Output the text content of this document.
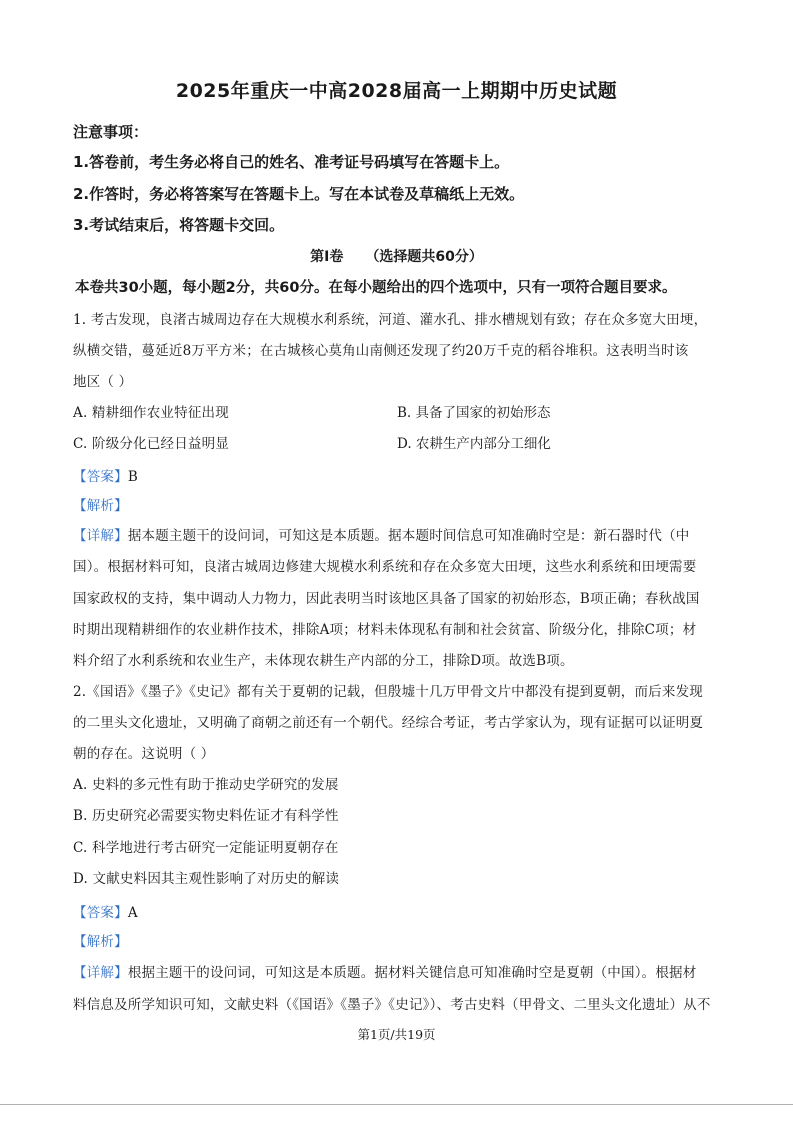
2025年重庆一中高2028届高一上期期中历史试题
注意事项：
1.答卷前，考生务必将自己的姓名、准考证号码填写在答题卡上。
2.作答时，务必将答案写在答题卡上。写在本试卷及草稿纸上无效。
3.考试结束后，将答题卡交回。
第Ⅰ卷 （选择题共60分）
本卷共30小题，每小题2分，共60分。在每小题给出的四个选项中，只有一项符合题目要求。
1. 考古发现，良渚古城周边存在大规模水利系统，河道、灌水孔、排水槽规划有致；存在众多宽大田埂，
纵横交错，蔓延近8万平方米；在古城核心莫角山南侧还发现了约20万千克的稻谷堆积。这表明当时该
地区（ ）
A. 精耕细作农业特征出现	B. 具备了国家的初始形态
C. 阶级分化已经日益明显	D. 农耕生产内部分工细化
【答案】B
【解析】
【详解】据本题主题干的设问词，可知这是本质题。据本题时间信息可知准确时空是：新石器时代（中
国）。根据材料可知，良渚古城周边修建大规模水利系统和存在众多宽大田埂，这些水利系统和田埂需要
国家政权的支持，集中调动人力物力，因此表明当时该地区具备了国家的初始形态，B项正确；春秋战国
时期出现精耕细作的农业耕作技术，排除A项；材料未体现私有制和社会贫富、阶级分化，排除C项；材
料介绍了水利系统和农业生产，未体现农耕生产内部的分工，排除D项。故选B项。
2.《国语》《墨子》《史记》都有关于夏朝的记载，但殷墟十几万甲骨文片中都没有提到夏朝，而后来发现
的二里头文化遗址，又明确了商朝之前还有一个朝代。经综合考证，考古学家认为，现有证据可以证明夏
朝的存在。这说明（ ）
A. 史料的多元性有助于推动史学研究的发展
B. 历史研究必需要实物史料佐证才有科学性
C. 科学地进行考古研究一定能证明夏朝存在
D. 文献史料因其主观性影响了对历史的解读
【答案】A
【解析】
【详解】根据主题干的设问词，可知这是本质题。据材料关键信息可知准确时空是夏朝（中国）。根据材
料信息及所学知识可知，文献史料（《国语》《墨子》《史记》）、考古史料（甲骨文、二里头文化遗址）从不
第1页/共19页
